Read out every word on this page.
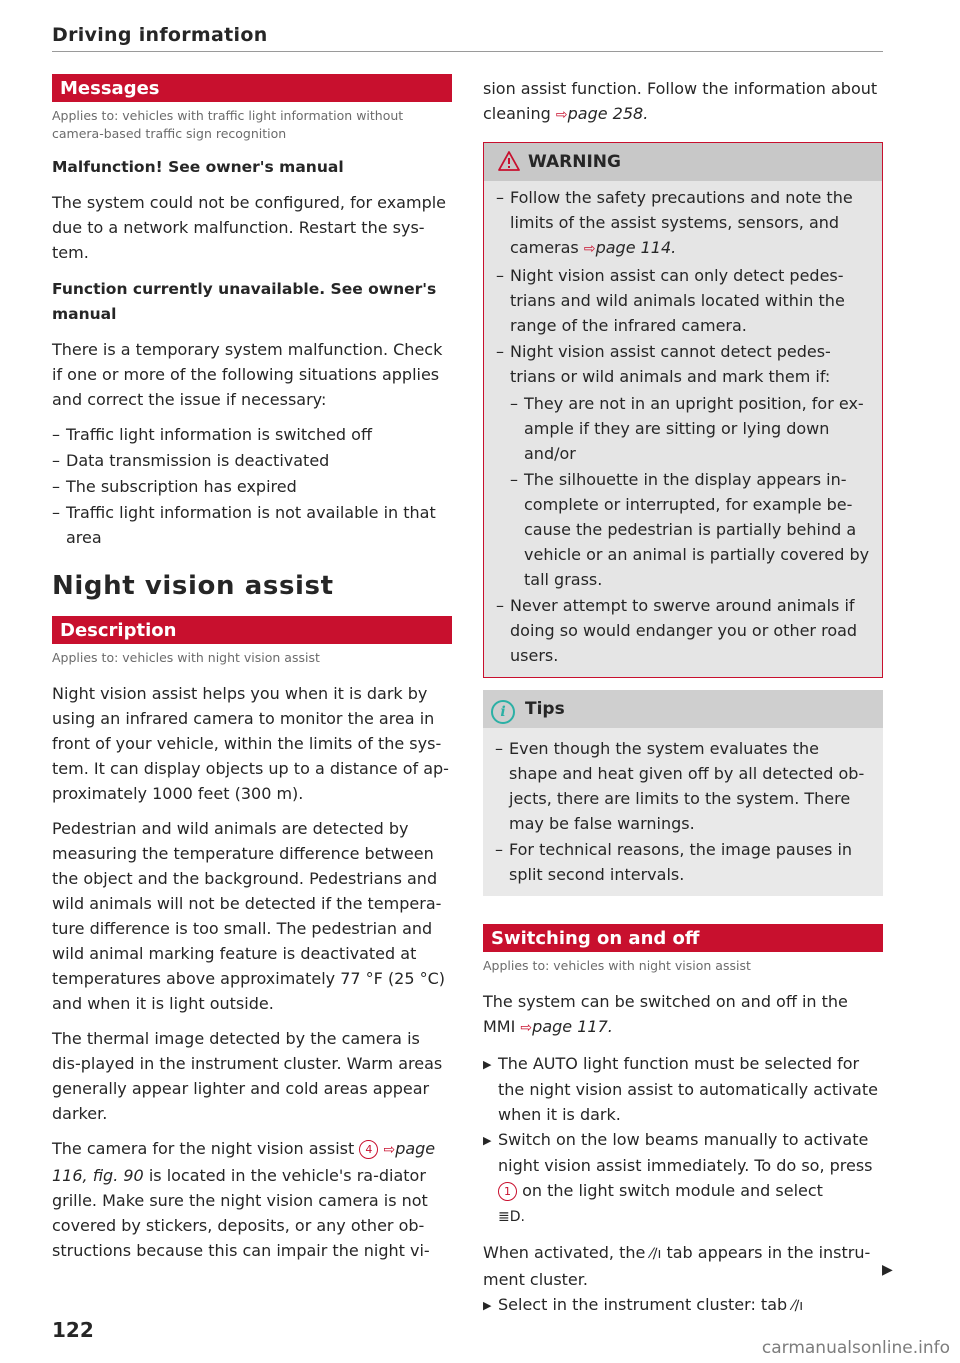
Driving information
Messages
Applies to: vehicles with traffic light information without camera-based traffic sign recognition
Malfunction! See owner's manual
The system could not be configured, for example due to a network malfunction. Restart the sys-tem.
Function currently unavailable. See owner's manual
There is a temporary system malfunction. Check if one or more of the following situations applies and correct the issue if necessary:
– Traffic light information is switched off
– Data transmission is deactivated
– The subscription has expired
– Traffic light information is not available in that area
Night vision assist
Description
Applies to: vehicles with night vision assist
Night vision assist helps you when it is dark by using an infrared camera to monitor the area in front of your vehicle, within the limits of the sys-tem. It can display objects up to a distance of ap-proximately 1000 feet (300 m).
Pedestrian and wild animals are detected by measuring the temperature difference between the object and the background. Pedestrians and wild animals will not be detected if the tempera-ture difference is too small. The pedestrian and wild animal marking feature is deactivated at temperatures above approximately 77 °F (25 °C) and when it is light outside.
The thermal image detected by the camera is dis-played in the instrument cluster. Warm areas generally appear lighter and cold areas appear darker.
The camera for the night vision assist 4 ⇨page 116, fig. 90 is located in the vehicle's ra-diator grille. Make sure the night vision camera is not covered by stickers, deposits, or any other ob-structions because this can impair the night vi-
sion assist function. Follow the information about cleaning ⇨page 258.
WARNING
– Follow the safety precautions and note the limits of the assist systems, sensors, and cameras ⇨page 114.
– Night vision assist can only detect pedes-trians and wild animals located within the range of the infrared camera.
– Night vision assist cannot detect pedes-trians or wild animals and mark them if:
– They are not in an upright position, for ex-ample if they are sitting or lying down and/or
– The silhouette in the display appears in-complete or interrupted, for example be-cause the pedestrian is partially behind a vehicle or an animal is partially covered by tall grass.
– Never attempt to swerve around animals if doing so would endanger you or other road users.
i Tips
– Even though the system evaluates the shape and heat given off by all detected ob-jects, there are limits to the system. There may be false warnings.
– For technical reasons, the image pauses in split second intervals.
Switching on and off
Applies to: vehicles with night vision assist
The system can be switched on and off in the MMI ⇨page 117.
▶ The AUTO light function must be selected for the night vision assist to automatically activate when it is dark.
▶ Switch on the low beams manually to activate night vision assist immediately. To do so, press 1 on the light switch module and select
≣D.
When activated, the ⁄∕ı tab appears in the instru-ment cluster.
▶ Select in the instrument cluster: tab ⁄∕ı
▶
122
carmanualsonline.info
